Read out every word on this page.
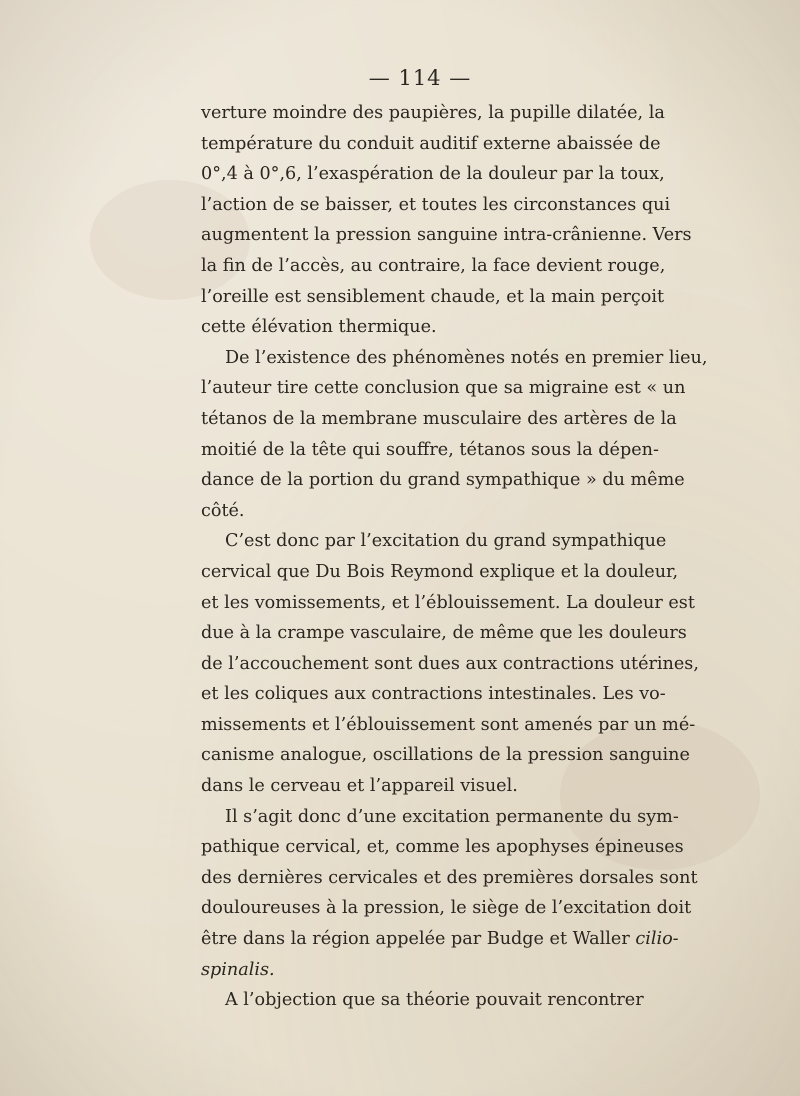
— 114 —
verture moindre des paupières, la pupille dilatée, la
température du conduit auditif externe abaissée de
0°,4 à 0°,6, l’exaspération de la douleur par la toux,
l’action de se baisser, et toutes les circonstances qui
augmentent la pression sanguine intra-crânienne. Vers
la fin de l’accès, au contraire, la face devient rouge,
l’oreille est sensiblement chaude, et la main perçoit
cette élévation thermique.
De l’existence des phénomènes notés en premier lieu,
l’auteur tire cette conclusion que sa migraine est « un
tétanos de la membrane musculaire des artères de la
moitié de la tête qui souffre, tétanos sous la dépen-
dance de la portion du grand sympathique » du même
côté.
C’est donc par l’excitation du grand sympathique
cervical que Du Bois Reymond explique et la douleur,
et les vomissements, et l’éblouissement. La douleur est
due à la crampe vasculaire, de même que les douleurs
de l’accouchement sont dues aux contractions utérines,
et les coliques aux contractions intestinales. Les vo-
missements et l’éblouissement sont amenés par un mé-
canisme analogue, oscillations de la pression sanguine
dans le cerveau et l’appareil visuel.
Il s’agit donc d’une excitation permanente du sym-
pathique cervical, et, comme les apophyses épineuses
des dernières cervicales et des premières dorsales sont
douloureuses à la pression, le siège de l’excitation doit
être dans la région appelée par Budge et Waller cilio-
spinalis.
A l’objection que sa théorie pouvait rencontrer
